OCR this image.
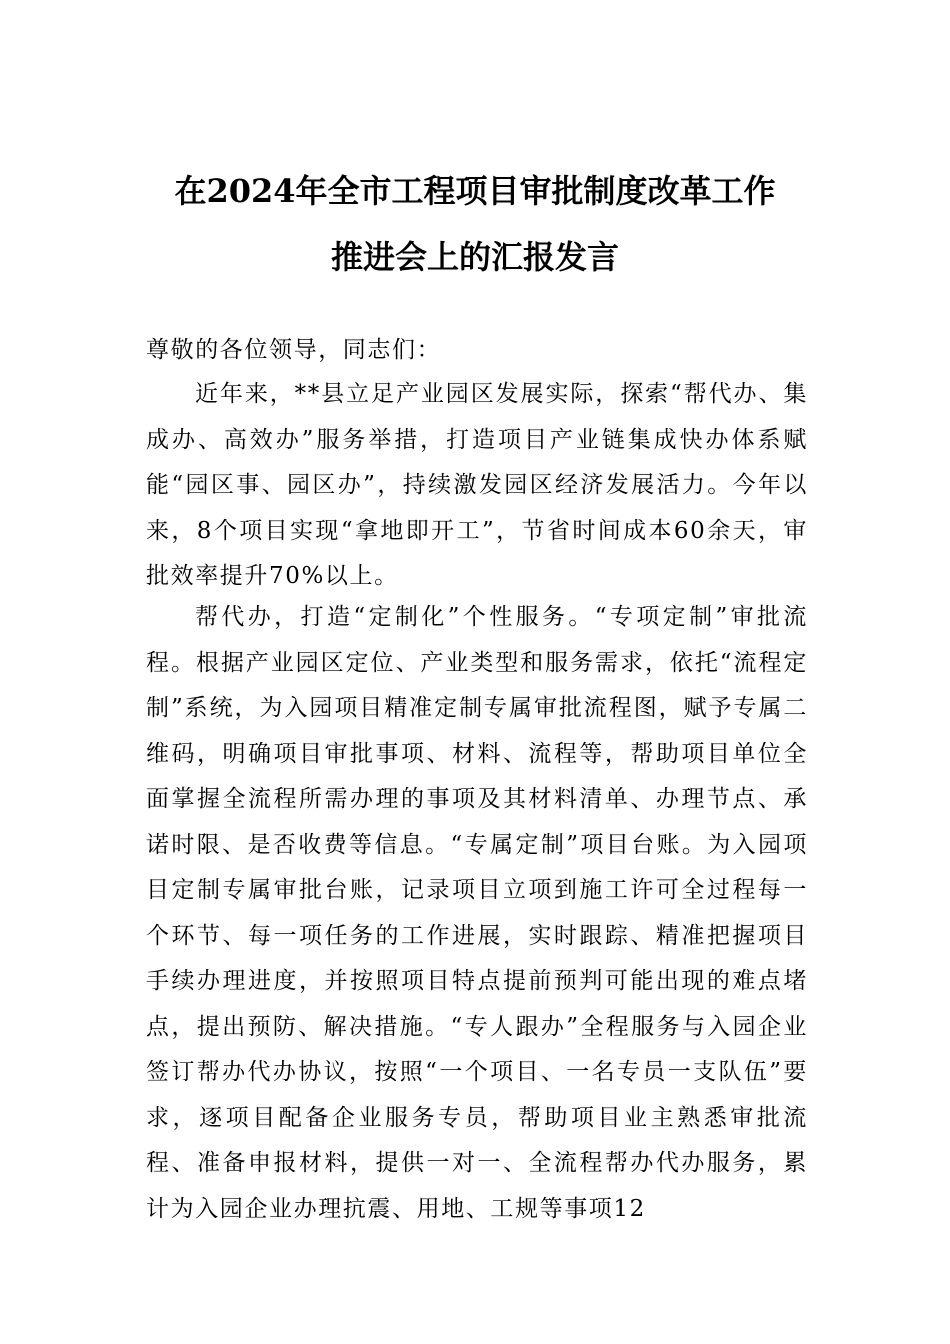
在2024年全市工程项目审批制度改革工作
推进会上的汇报发言

尊敬的各位领导，同志们：

近年来，**县立足产业园区发展实际，探索“帮代办、集成办、高效办”服务举措，打造项目产业链集成快办体系赋能“园区事、园区办”，持续激发园区经济发展活力。今年以来，8个项目实现“拿地即开工”，节省时间成本60余天，审批效率提升70%以上。

帮代办，打造“定制化”个性服务。“专项定制”审批流程。根据产业园区定位、产业类型和服务需求，依托“流程定制”系统，为入园项目精准定制专属审批流程图，赋予专属二维码，明确项目审批事项、材料、流程等，帮助项目单位全面掌握全流程所需办理的事项及其材料清单、办理节点、承诺时限、是否收费等信息。“专属定制”项目台账。为入园项目定制专属审批台账，记录项目立项到施工许可全过程每一个环节、每一项任务的工作进展，实时跟踪、精准把握项目手续办理进度，并按照项目特点提前预判可能出现的难点堵点，提出预防、解决措施。“专人跟办”全程服务与入园企业签订帮办代办协议，按照“一个项目、一名专员一支队伍”要求，逐项目配备企业服务专员，帮助项目业主熟悉审批流程、准备申报材料，提供一对一、全流程帮办代办服务，累计为入园企业办理抗震、用地、工规等事项12
